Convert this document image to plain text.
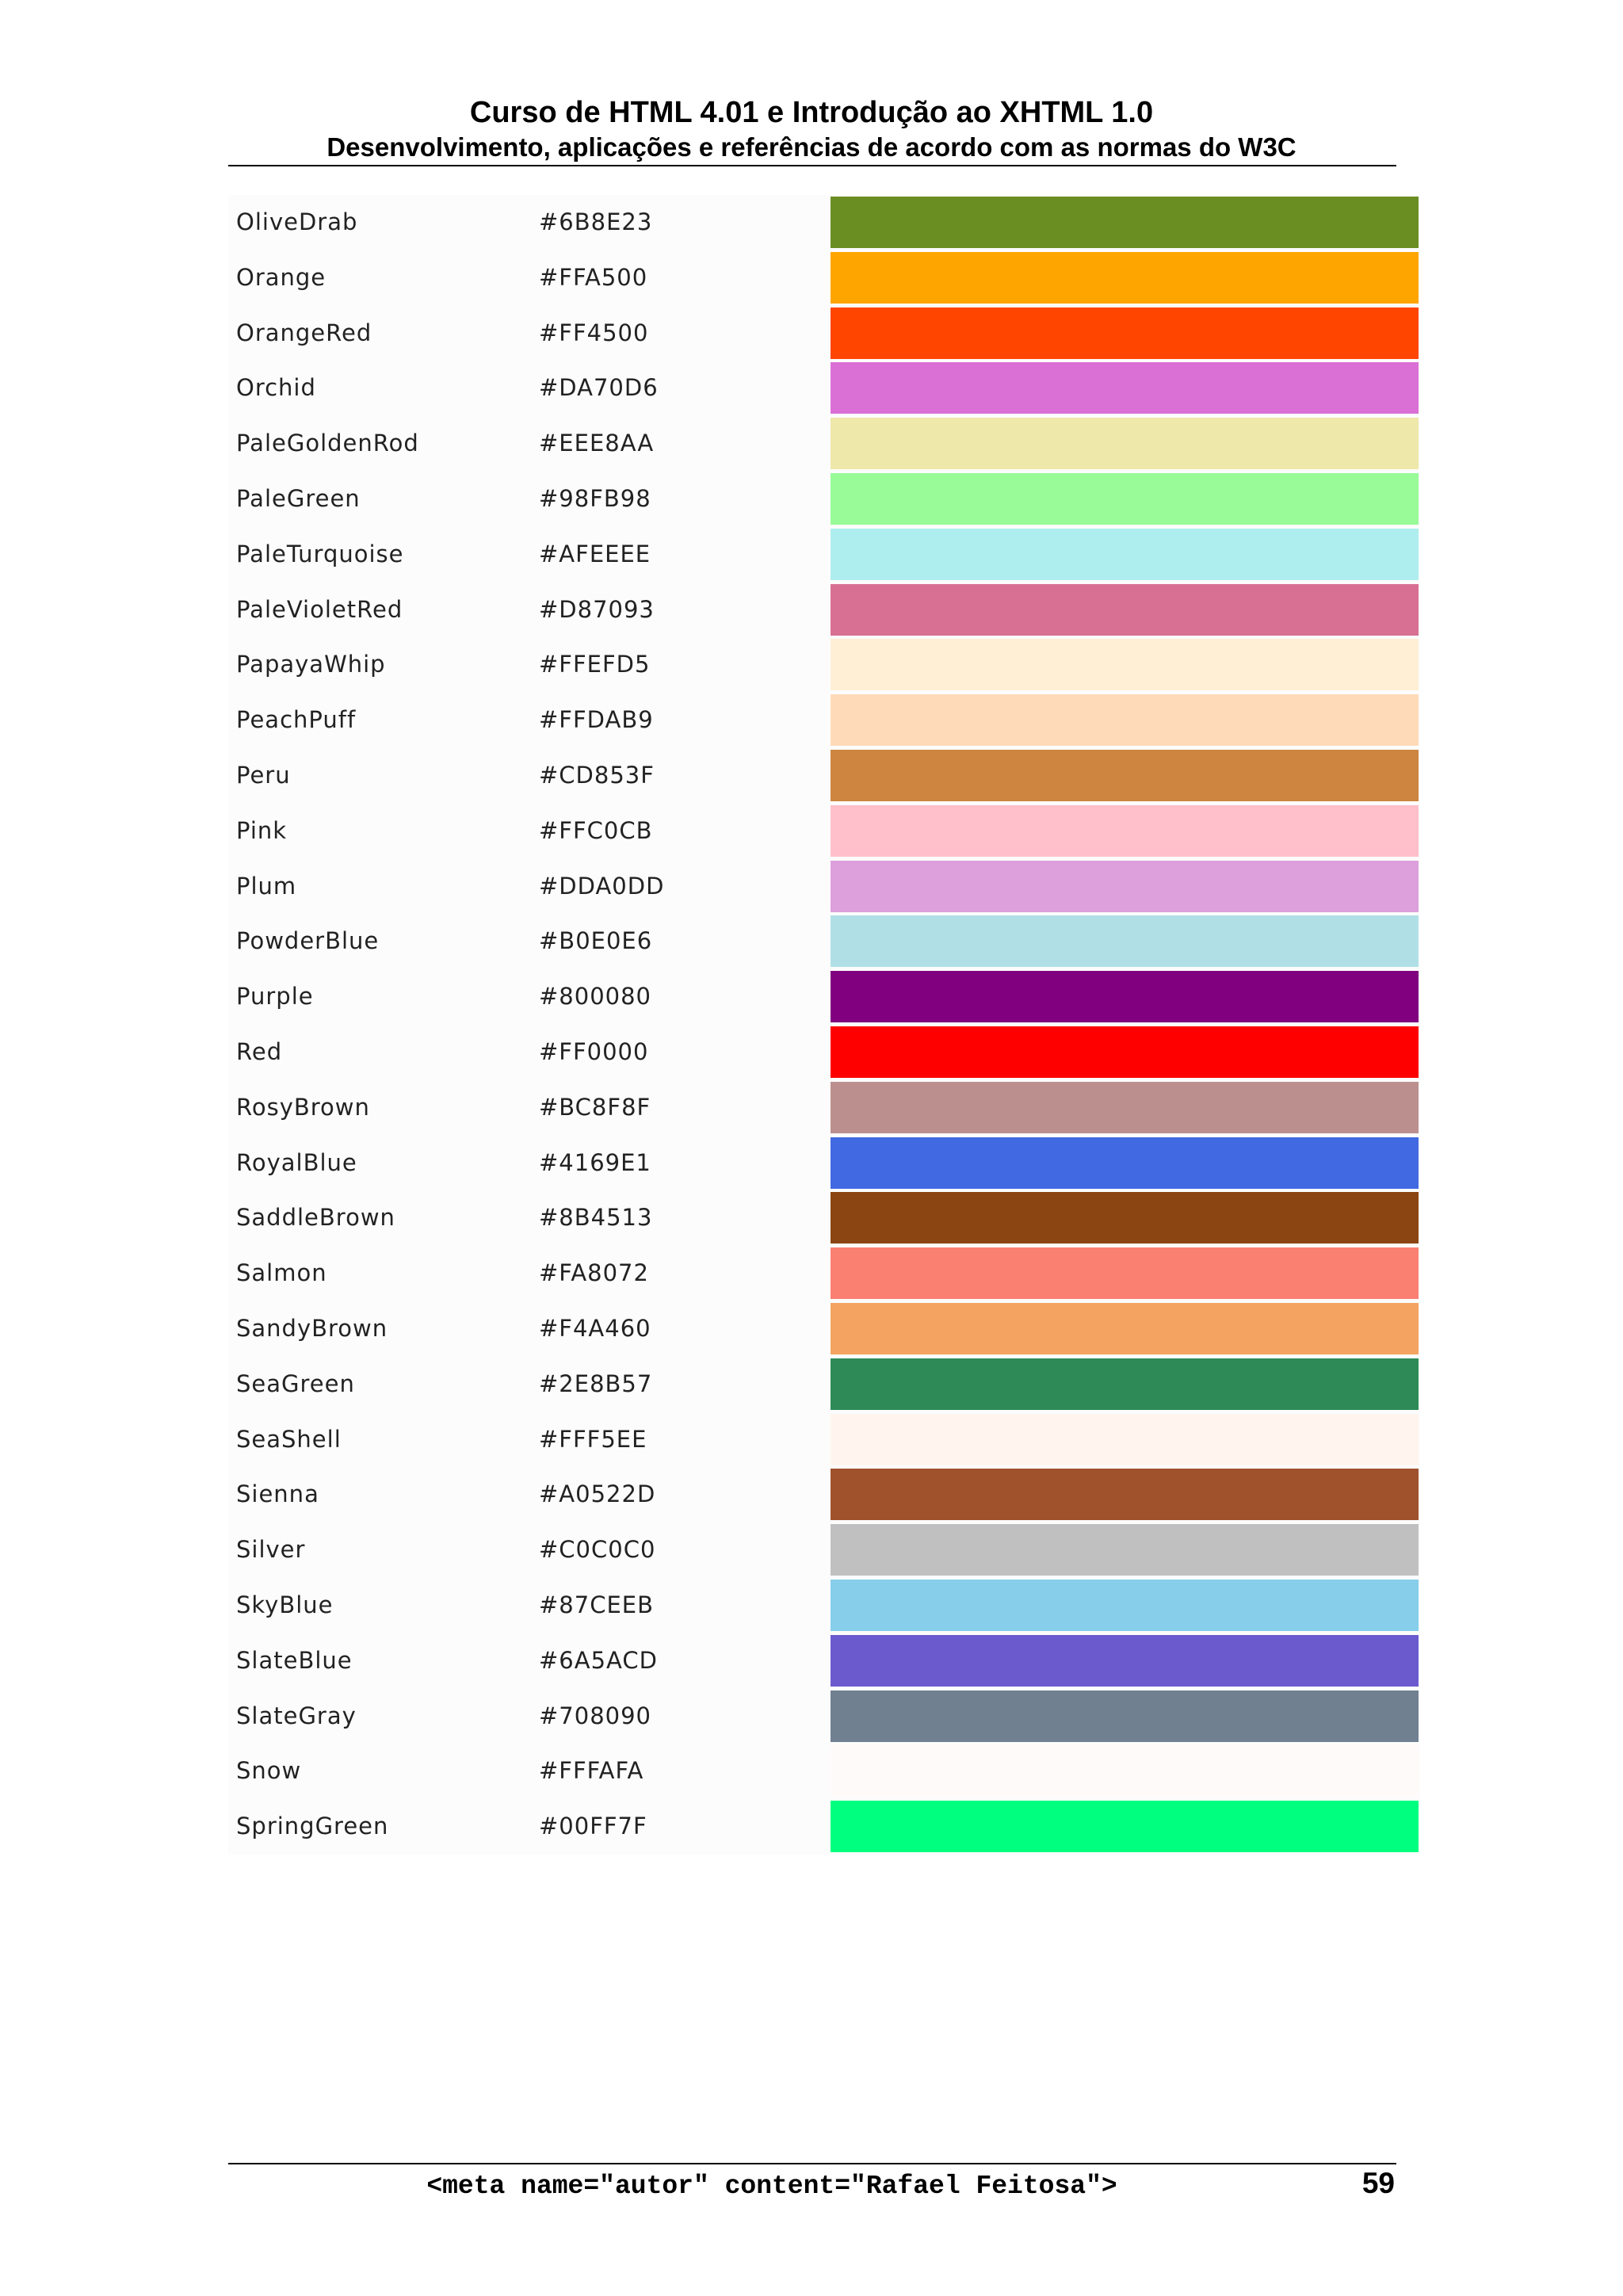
Curso de HTML 4.01 e Introdução ao XHTML 1.0
Desenvolvimento, aplicações e referências de acordo com as normas do W3C
OliveDrab	#6B8E23
Orange	#FFA500
OrangeRed	#FF4500
Orchid	#DA70D6
PaleGoldenRod	#EEE8AA
PaleGreen	#98FB98
PaleTurquoise	#AFEEEE
PaleVioletRed	#D87093
PapayaWhip	#FFEFD5
PeachPuff	#FFDAB9
Peru	#CD853F
Pink	#FFC0CB
Plum	#DDA0DD
PowderBlue	#B0E0E6
Purple	#800080
Red	#FF0000
RosyBrown	#BC8F8F
RoyalBlue	#4169E1
SaddleBrown	#8B4513
Salmon	#FA8072
SandyBrown	#F4A460
SeaGreen	#2E8B57
SeaShell	#FFF5EE
Sienna	#A0522D
Silver	#C0C0C0
SkyBlue	#87CEEB
SlateBlue	#6A5ACD
SlateGray	#708090
Snow	#FFFAFA
SpringGreen	#00FF7F
<meta name="autor" content="Rafael Feitosa">	59
